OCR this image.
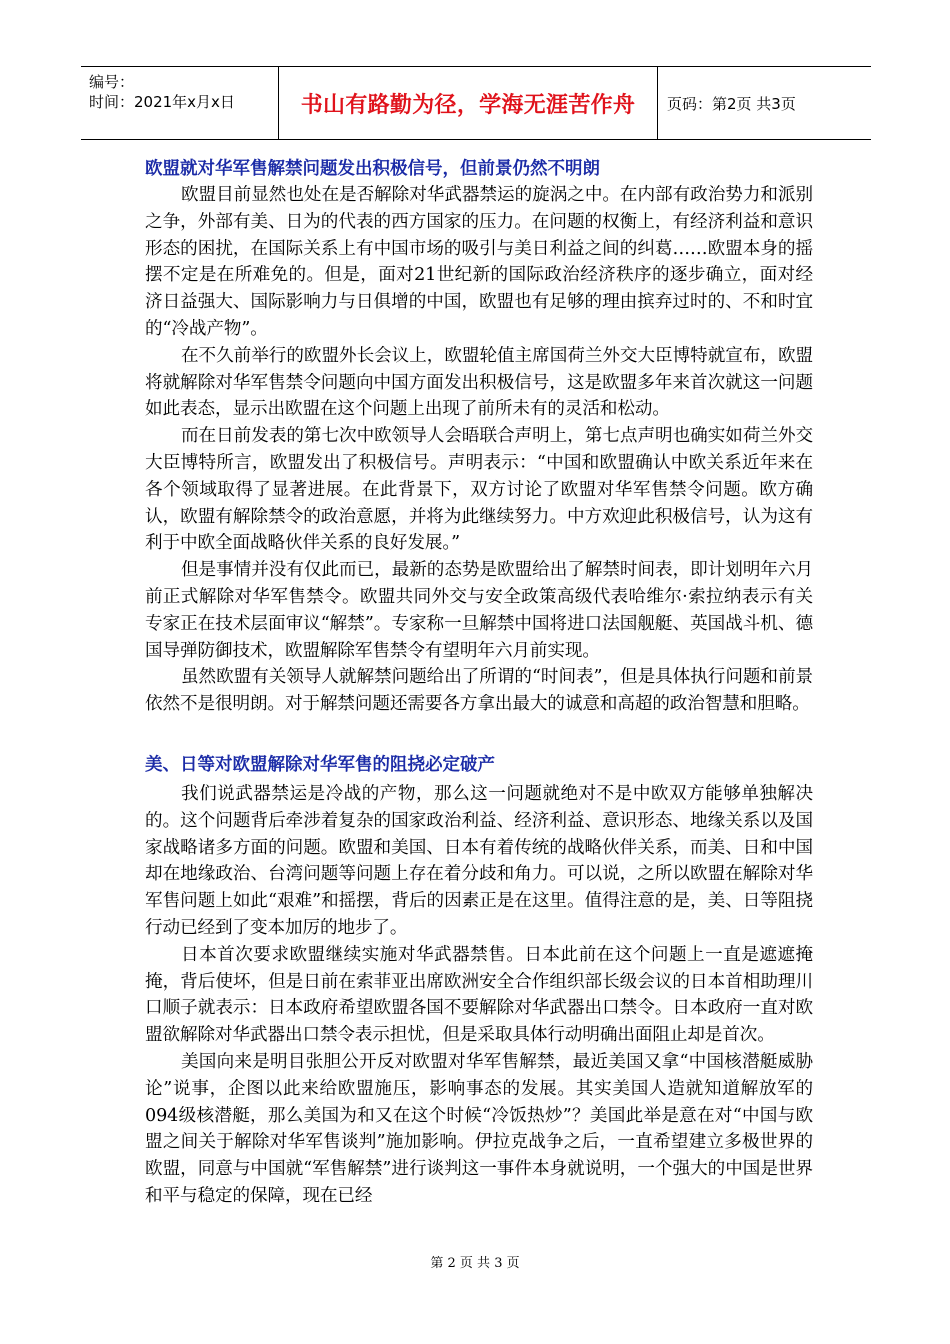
编号：
时间：2021年x月x日	书山有路勤为径，学海无涯苦作舟	页码：第2页 共3页
欧盟就对华军售解禁问题发出积极信号，但前景仍然不明朗

欧盟目前显然也处在是否解除对华武器禁运的旋涡之中。在内部有政治势力和派别之争，外部有美、日为的代表的西方国家的压力。在问题的权衡上，有经济利益和意识形态的困扰，在国际关系上有中国市场的吸引与美日利益之间的纠葛……欧盟本身的摇摆不定是在所难免的。但是，面对21世纪新的国际政治经济秩序的逐步确立，面对经济日益强大、国际影响力与日俱增的中国，欧盟也有足够的理由摈弃过时的、不和时宜的“冷战产物”。

在不久前举行的欧盟外长会议上，欧盟轮值主席国荷兰外交大臣博特就宣布，欧盟将就解除对华军售禁令问题向中国方面发出积极信号，这是欧盟多年来首次就这一问题如此表态，显示出欧盟在这个问题上出现了前所未有的灵活和松动。

而在日前发表的第七次中欧领导人会晤联合声明上，第七点声明也确实如荷兰外交大臣博特所言，欧盟发出了积极信号。声明表示：“中国和欧盟确认中欧关系近年来在各个领域取得了显著进展。在此背景下，双方讨论了欧盟对华军售禁令问题。欧方确认，欧盟有解除禁令的政治意愿，并将为此继续努力。中方欢迎此积极信号，认为这有利于中欧全面战略伙伴关系的良好发展。”

但是事情并没有仅此而已，最新的态势是欧盟给出了解禁时间表，即计划明年六月前正式解除对华军售禁令。欧盟共同外交与安全政策高级代表哈维尔·索拉纳表示有关专家正在技术层面审议“解禁”。专家称一旦解禁中国将进口法国舰艇、英国战斗机、德国导弹防御技术，欧盟解除军售禁令有望明年六月前实现。

虽然欧盟有关领导人就解禁问题给出了所谓的“时间表”，但是具体执行问题和前景依然不是很明朗。对于解禁问题还需要各方拿出最大的诚意和高超的政治智慧和胆略。

美、日等对欧盟解除对华军售的阻挠必定破产

我们说武器禁运是冷战的产物，那么这一问题就绝对不是中欧双方能够单独解决的。这个问题背后牵涉着复杂的国家政治利益、经济利益、意识形态、地缘关系以及国家战略诸多方面的问题。欧盟和美国、日本有着传统的战略伙伴关系，而美、日和中国却在地缘政治、台湾问题等问题上存在着分歧和角力。可以说，之所以欧盟在解除对华军售问题上如此“艰难”和摇摆，背后的因素正是在这里。值得注意的是，美、日等阻挠行动已经到了变本加厉的地步了。

日本首次要求欧盟继续实施对华武器禁售。日本此前在这个问题上一直是遮遮掩掩，背后使坏，但是日前在索菲亚出席欧洲安全合作组织部长级会议的日本首相助理川口顺子就表示：日本政府希望欧盟各国不要解除对华武器出口禁令。日本政府一直对欧盟欲解除对华武器出口禁令表示担忧，但是采取具体行动明确出面阻止却是首次。

美国向来是明目张胆公开反对欧盟对华军售解禁，最近美国又拿“中国核潜艇威胁论”说事，企图以此来给欧盟施压，影响事态的发展。其实美国人造就知道解放军的094级核潜艇，那么美国为和又在这个时候“冷饭热炒”？美国此举是意在对“中国与欧盟之间关于解除对华军售谈判”施加影响。伊拉克战争之后，一直希望建立多极世界的欧盟，同意与中国就“军售解禁”进行谈判这一事件本身就说明，一个强大的中国是世界和平与稳定的保障，现在已经

第 2 页 共 3 页
